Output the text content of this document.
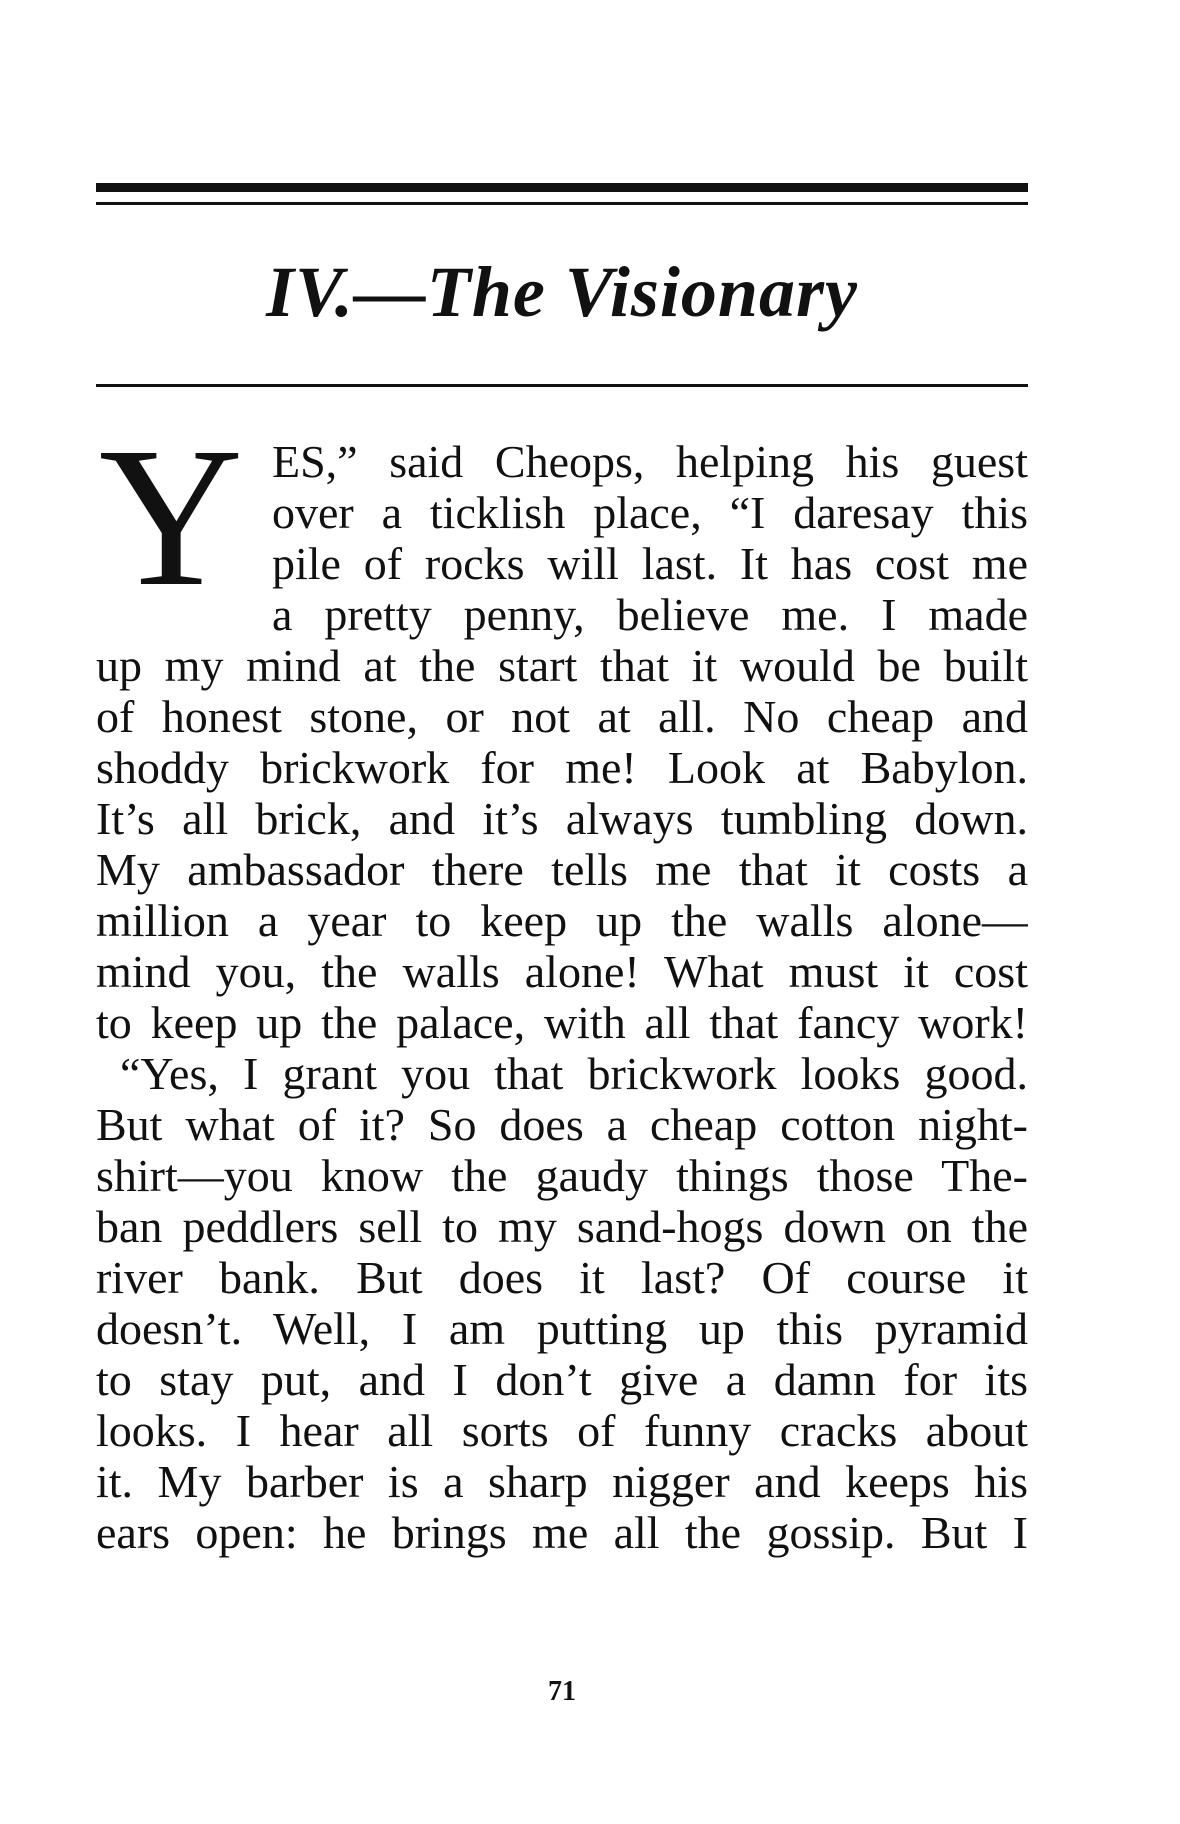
IV.—The Visionary
Y ES,” said Cheops, helping his guest
over a ticklish place, “I daresay this
pile of rocks will last. It has cost me
a pretty penny, believe me. I made
up my mind at the start that it would be built
of honest stone, or not at all. No cheap and
shoddy brickwork for me! Look at Babylon.
It’s all brick, and it’s always tumbling down.
My ambassador there tells me that it costs a
million a year to keep up the walls alone—
mind you, the walls alone! What must it cost
to keep up the palace, with all that fancy work!
“Yes, I grant you that brickwork looks good.
But what of it? So does a cheap cotton night-
shirt—you know the gaudy things those The-
ban peddlers sell to my sand-hogs down on the
river bank. But does it last? Of course it
doesn’t. Well, I am putting up this pyramid
to stay put, and I don’t give a damn for its
looks. I hear all sorts of funny cracks about
it. My barber is a sharp nigger and keeps his
ears open: he brings me all the gossip. But I
71
